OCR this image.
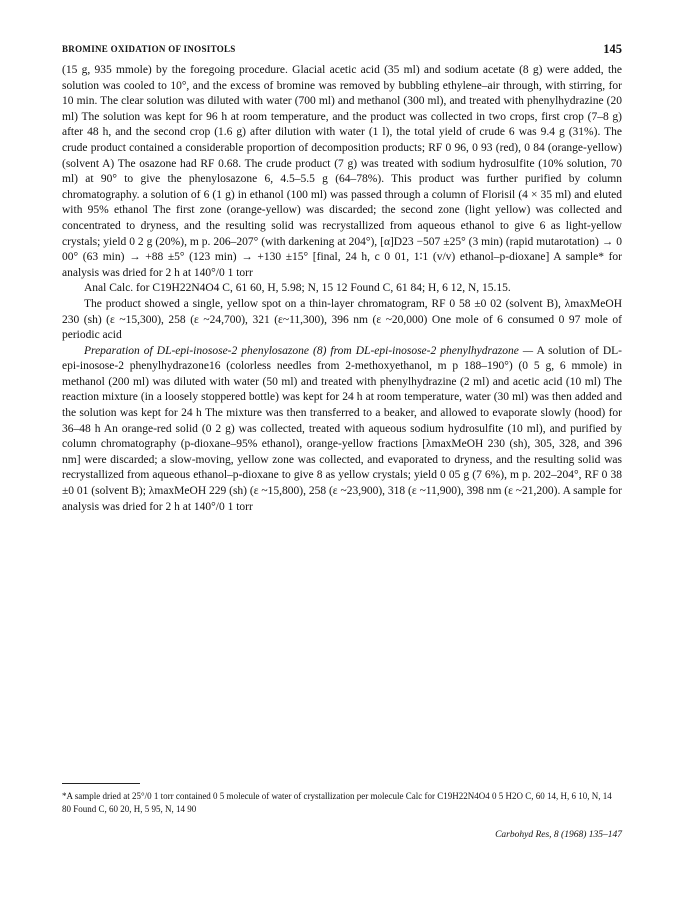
BROMINE OXIDATION OF INOSITOLS	145

(15 g, 935 mmole) by the foregoing procedure. Glacial acetic acid (35 ml) and sodium acetate (8 g) were added, the solution was cooled to 10°, and the excess of bromine was removed by bubbling ethylene–air through, with stirring, for 10 min. The clear solution was diluted with water (700 ml) and methanol (300 ml), and treated with phenylhydrazine (20 ml) The solution was kept for 96 h at room temperature, and the product was collected in two crops, first crop (7–8 g) after 48 h, and the second crop (1.6 g) after dilution with water (1 l), the total yield of crude 6 was 9.4 g (31%). The crude product contained a considerable proportion of decomposition products; RF 0 96, 0 93 (red), 0 84 (orange-yellow) (solvent A) The osazone had RF 0.68. The crude product (7 g) was treated with sodium hydrosulfite (10% solution, 70 ml) at 90° to give the phenylosazone 6, 4.5–5.5 g (64–78%). This product was further purified by column chromatography. a solution of 6 (1 g) in ethanol (100 ml) was passed through a column of Florisil (4 × 35 ml) and eluted with 95% ethanol The first zone (orange-yellow) was discarded; the second zone (light yellow) was collected and concentrated to dryness, and the resulting solid was recrystallized from aqueous ethanol to give 6 as light-yellow crystals; yield 0 2 g (20%), m p. 206–207° (with darkening at 204°), [α]D23 −507 ±25° (3 min) (rapid mutarotation) → 0 00° (63 min) → +88 ±5° (123 min) → +130 ±15° [final, 24 h, c 0 01, 1∶1 (v/v) ethanol–p-dioxane] A sample* for analysis was dried for 2 h at 140°/0 1 torr

Anal Calc. for C19H22N4O4 C, 61 60, H, 5.98; N, 15 12 Found C, 61 84; H, 6 12, N, 15.15.

The product showed a single, yellow spot on a thin-layer chromatogram, RF 0 58 ±0 02 (solvent B), λmaxMeOH 230 (sh) (ε ~15,300), 258 (ε ~24,700), 321 (ε~11,300), 396 nm (ε ~20,000) One mole of 6 consumed 0 97 mole of periodic acid

Preparation of DL-epi-inosose-2 phenylosazone (8) from DL-epi-inosose-2 phenylhydrazone — A solution of DL-epi-inosose-2 phenylhydrazone16 (colorless needles from 2-methoxyethanol, m p 188–190°) (0 5 g, 6 mmole) in methanol (200 ml) was diluted with water (50 ml) and treated with phenylhydrazine (2 ml) and acetic acid (10 ml) The reaction mixture (in a loosely stoppered bottle) was kept for 24 h at room temperature, water (30 ml) was then added and the solution was kept for 24 h The mixture was then transferred to a beaker, and allowed to evaporate slowly (hood) for 36–48 h An orange-red solid (0 2 g) was collected, treated with aqueous sodium hydrosulfite (10 ml), and purified by column chromatography (p-dioxane–95% ethanol), orange-yellow fractions [λmaxMeOH 230 (sh), 305, 328, and 396 nm] were discarded; a slow-moving, yellow zone was collected, and evaporated to dryness, and the resulting solid was recrystallized from aqueous ethanol–p-dioxane to give 8 as yellow crystals; yield 0 05 g (7 6%), m p. 202–204°, RF 0 38 ±0 01 (solvent B); λmaxMeOH 229 (sh) (ε ~15,800), 258 (ε ~23,900), 318 (ε ~11,900), 398 nm (ε ~21,200). A sample for analysis was dried for 2 h at 140°/0 1 torr

*A sample dried at 25°/0 1 torr contained 0 5 molecule of water of crystallization per molecule Calc for C19H22N4O4 0 5 H2O C, 60 14, H, 6 10, N, 14 80 Found C, 60 20, H, 5 95, N, 14 90
Carbohyd Res, 8 (1968) 135–147
